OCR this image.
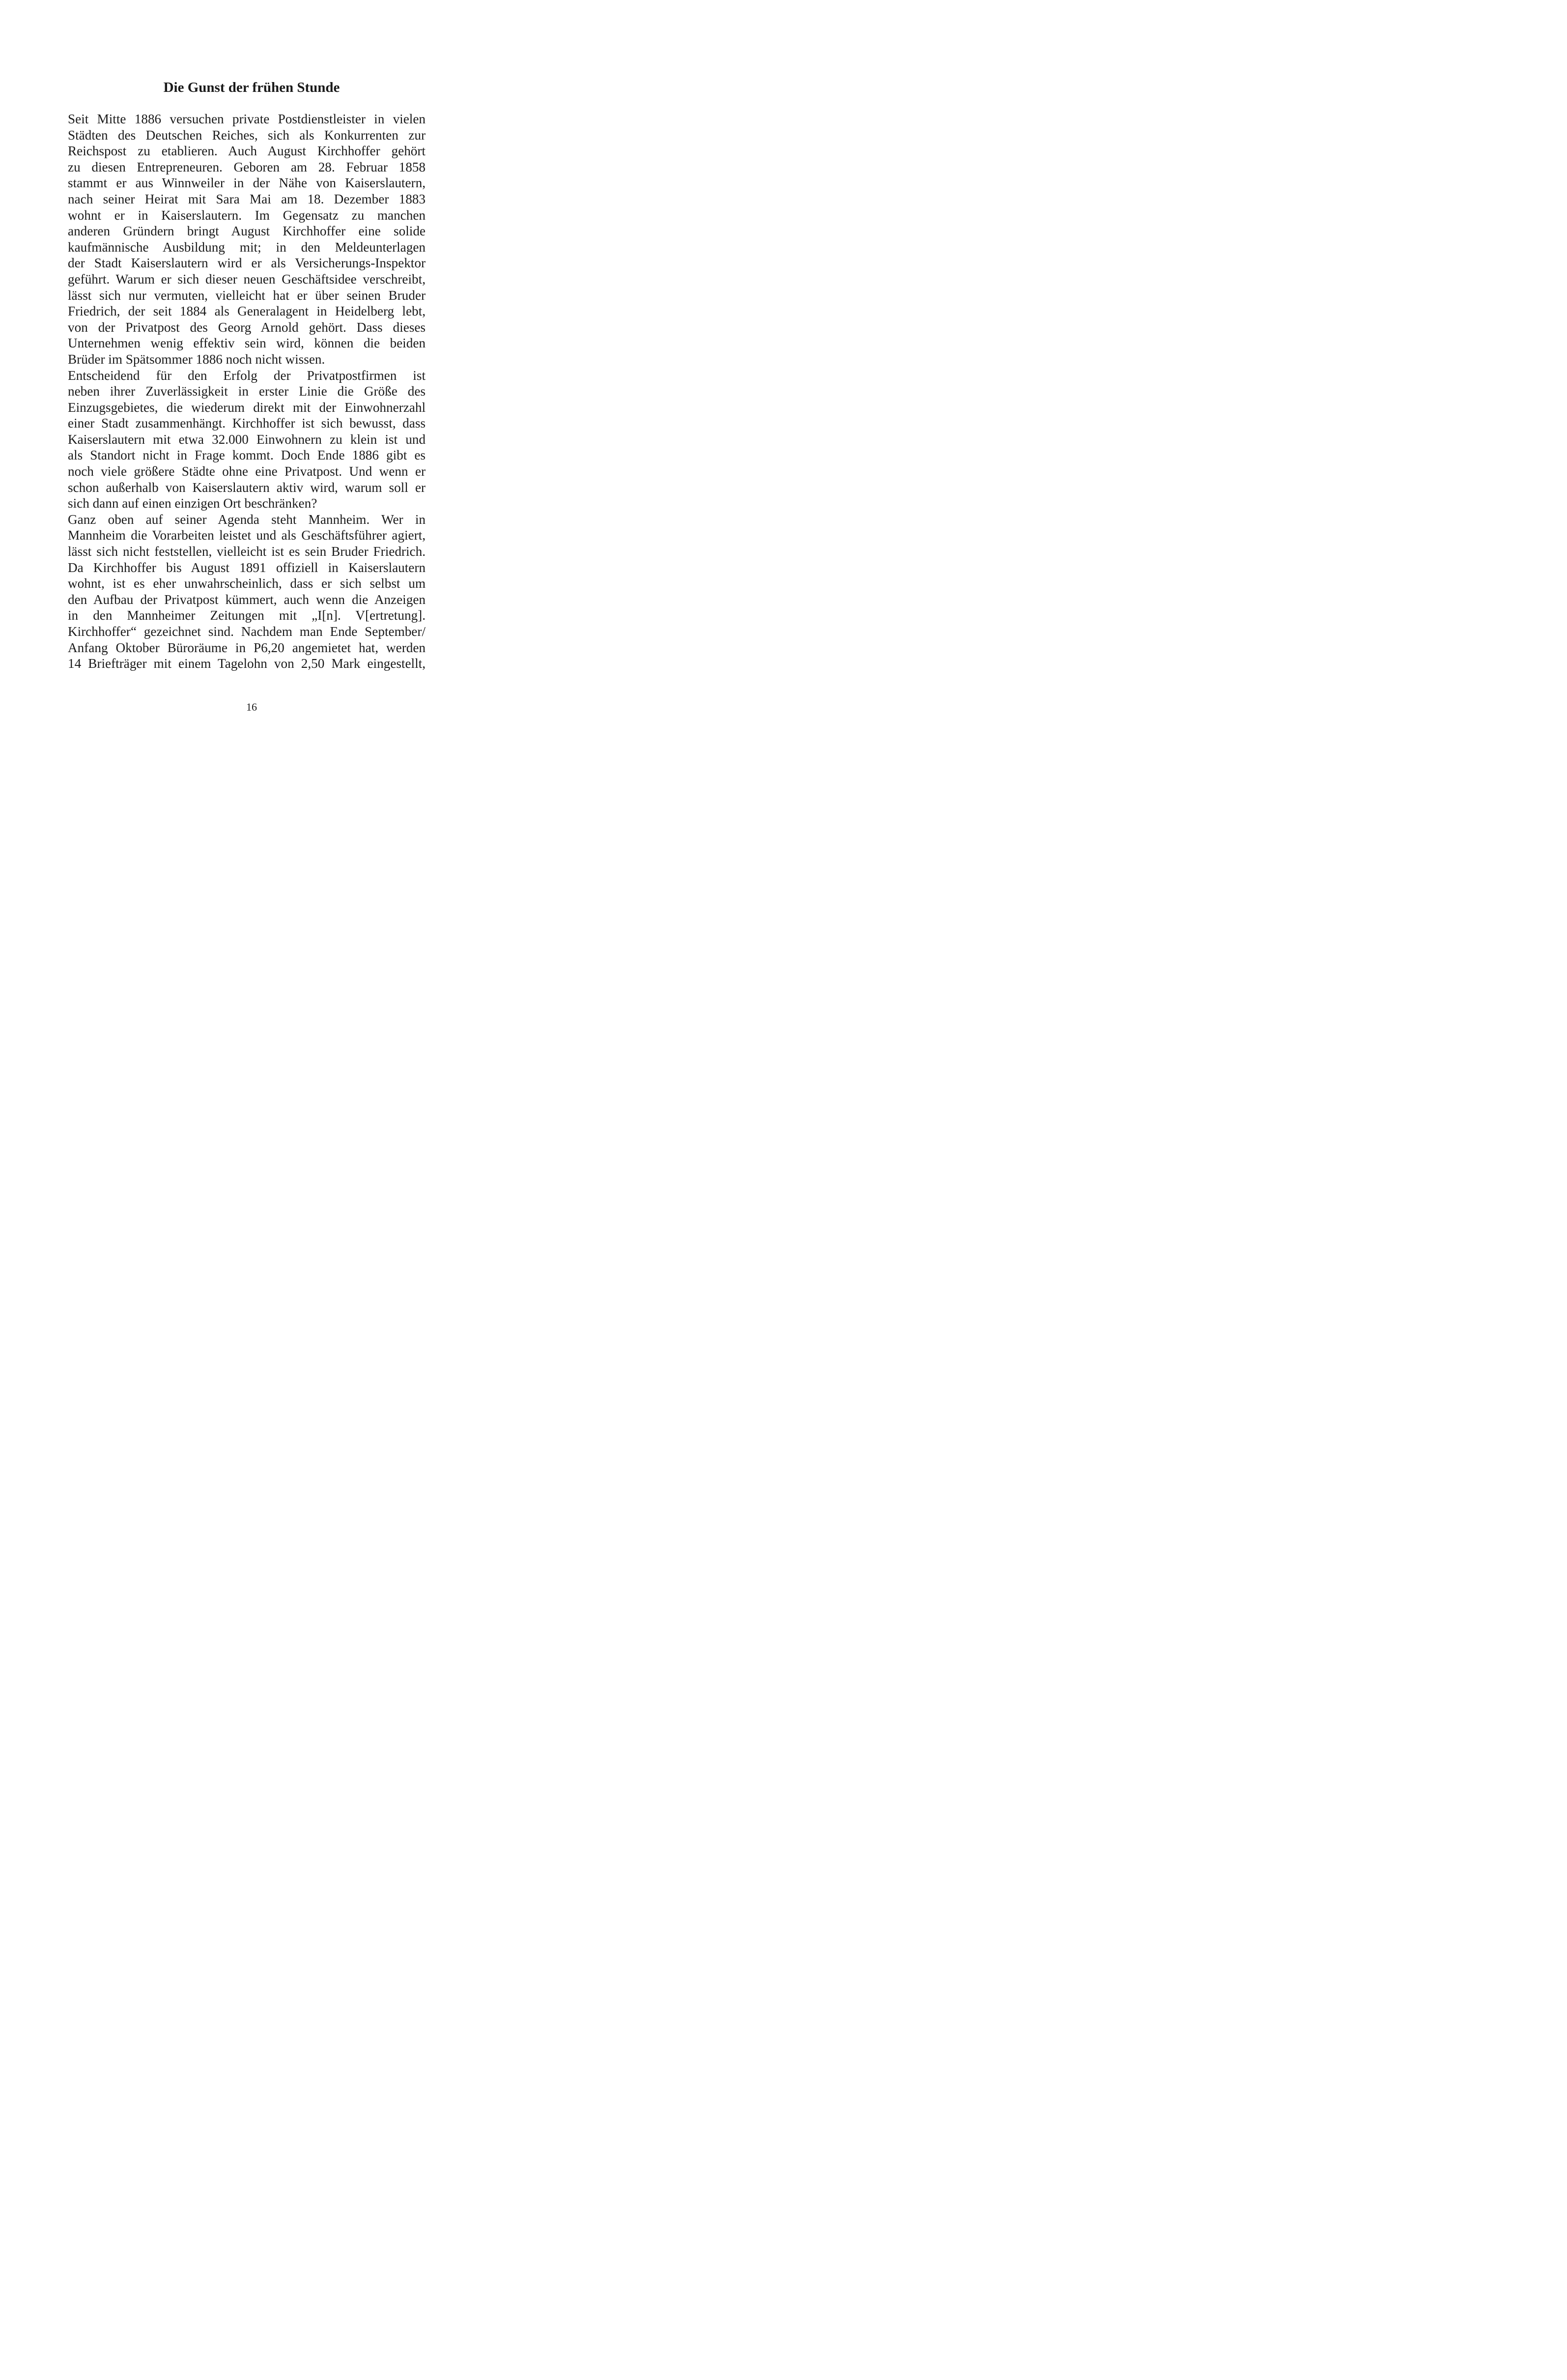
Die Gunst der frühen Stunde
Seit Mitte 1886 versuchen private Postdienstleister in vielen
Städten des Deutschen Reiches, sich als Konkurrenten zur
Reichspost zu etablieren. Auch August Kirchhoffer gehört
zu diesen Entrepreneuren. Geboren am 28. Februar 1858
stammt er aus Winnweiler in der Nähe von Kaiserslautern,
nach seiner Heirat mit Sara Mai am 18. Dezember 1883
wohnt er in Kaiserslautern. Im Gegensatz zu manchen
anderen Gründern bringt August Kirchhoffer eine solide
kaufmännische Ausbildung mit; in den Meldeunterlagen
der Stadt Kaiserslautern wird er als Versicherungs-Inspektor
geführt. Warum er sich dieser neuen Geschäftsidee verschreibt,
lässt sich nur vermuten, vielleicht hat er über seinen Bruder
Friedrich, der seit 1884 als Generalagent in Heidelberg lebt,
von der Privatpost des Georg Arnold gehört. Dass dieses
Unternehmen wenig effektiv sein wird, können die beiden
Brüder im Spätsommer 1886 noch nicht wissen.
Entscheidend für den Erfolg der Privatpostfirmen ist
neben ihrer Zuverlässigkeit in erster Linie die Größe des
Einzugsgebietes, die wiederum direkt mit der Einwohnerzahl
einer Stadt zusammenhängt. Kirchhoffer ist sich bewusst, dass
Kaiserslautern mit etwa 32.000 Einwohnern zu klein ist und
als Standort nicht in Frage kommt. Doch Ende 1886 gibt es
noch viele größere Städte ohne eine Privatpost. Und wenn er
schon außerhalb von Kaiserslautern aktiv wird, warum soll er
sich dann auf einen einzigen Ort beschränken?
Ganz oben auf seiner Agenda steht Mannheim. Wer in
Mannheim die Vorarbeiten leistet und als Geschäftsführer agiert,
lässt sich nicht feststellen, vielleicht ist es sein Bruder Friedrich.
Da Kirchhoffer bis August 1891 offiziell in Kaiserslautern
wohnt, ist es eher unwahrscheinlich, dass er sich selbst um
den Aufbau der Privatpost kümmert, auch wenn die Anzeigen
in den Mannheimer Zeitungen mit „I[n]. V[ertretung].
Kirchhoffer“ gezeichnet sind. Nachdem man Ende September/
Anfang Oktober Büroräume in P6,20 angemietet hat, werden
14 Briefträger mit einem Tagelohn von 2,50 Mark eingestellt,

16
